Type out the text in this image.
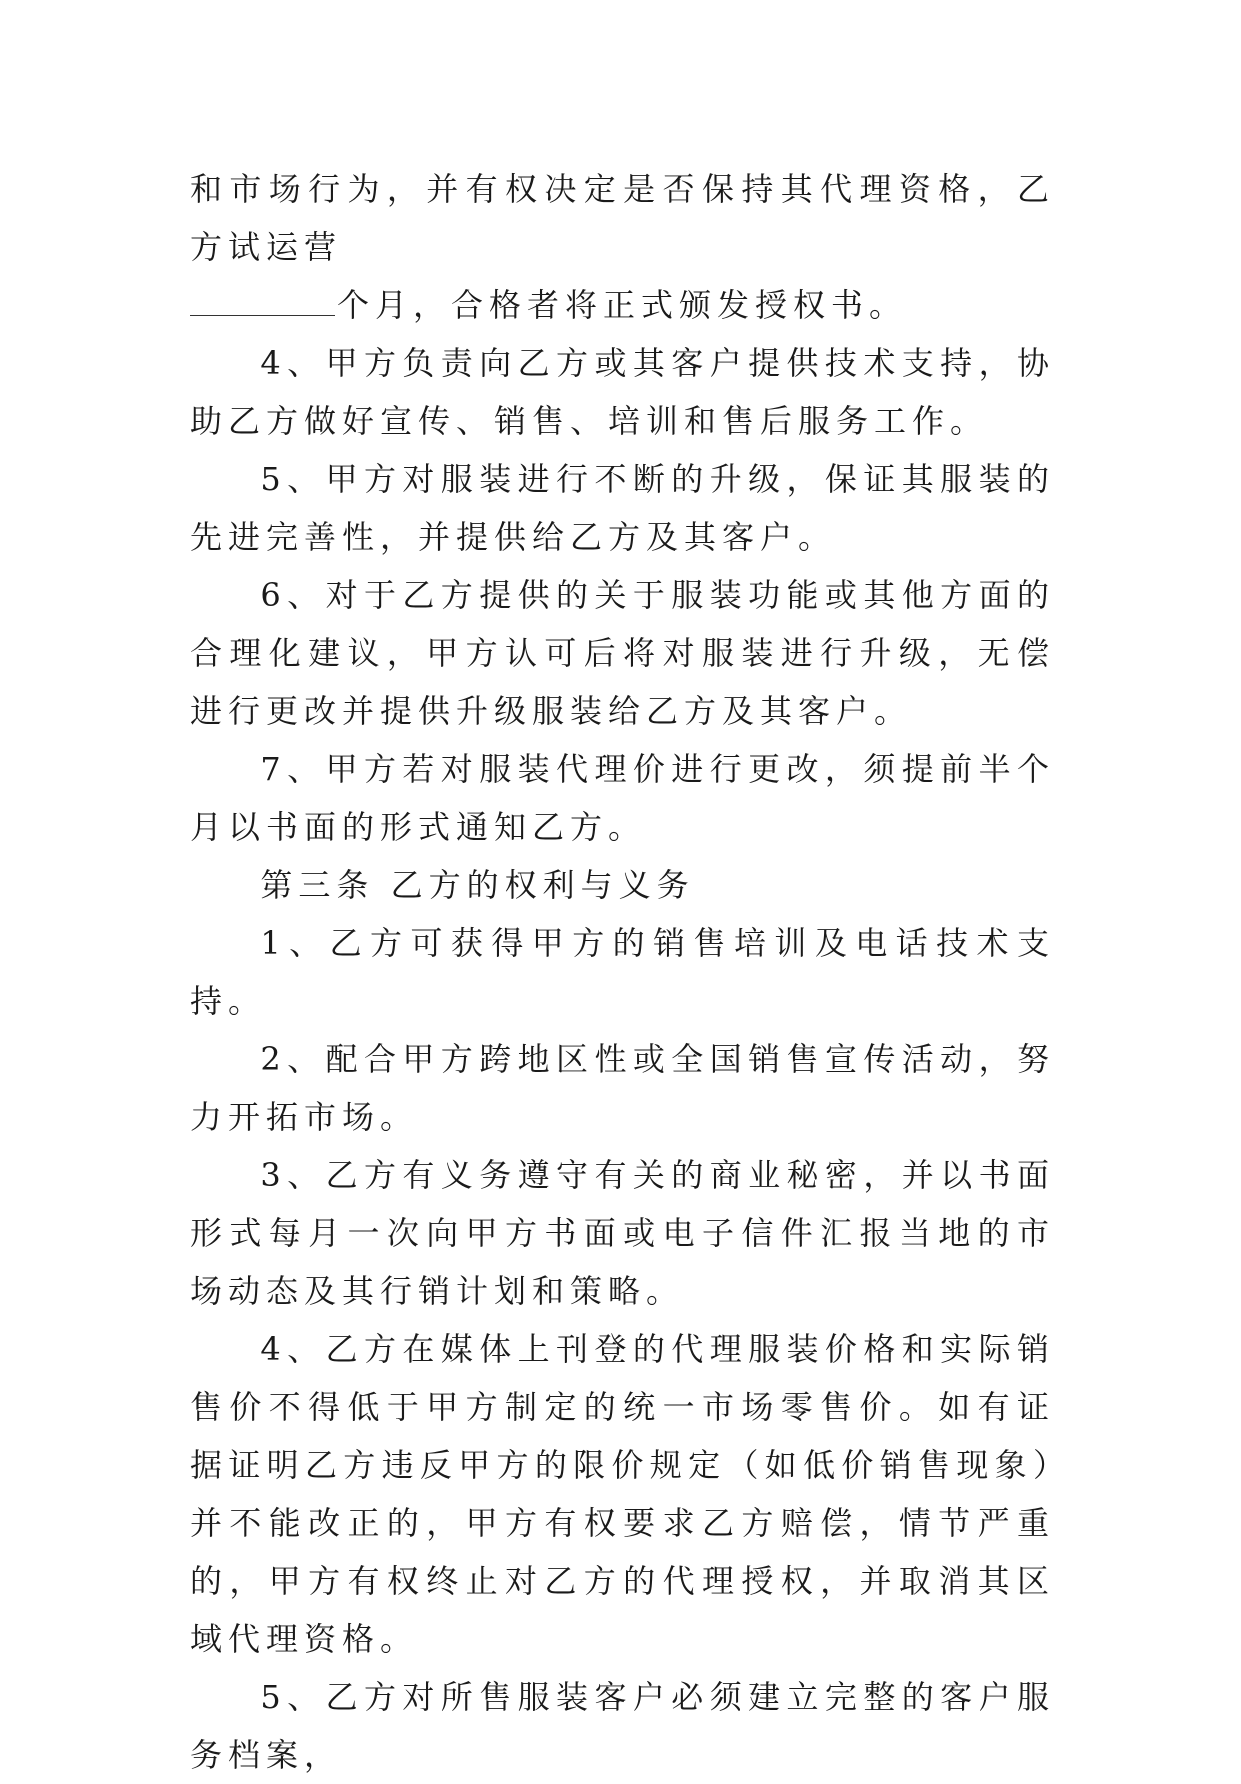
和市场行为，并有权决定是否保持其代理资格，乙方试运营
个月，合格者将正式颁发授权书。

4、甲方负责向乙方或其客户提供技术支持，协助乙方做好宣传、销售、培训和售后服务工作。

5、甲方对服装进行不断的升级，保证其服装的先进完善性，并提供给乙方及其客户。

6、对于乙方提供的关于服装功能或其他方面的合理化建议，甲方认可后将对服装进行升级，无偿进行更改并提供升级服装给乙方及其客户。

7、甲方若对服装代理价进行更改，须提前半个月以书面的形式通知乙方。

第三条 乙方的权利与义务

1、乙方可获得甲方的销售培训及电话技术支持。

2、配合甲方跨地区性或全国销售宣传活动，努力开拓市场。

3、乙方有义务遵守有关的商业秘密，并以书面形式每月一次向甲方书面或电子信件汇报当地的市场动态及其行销计划和策略。

4、乙方在媒体上刊登的代理服装价格和实际销售价不得低于甲方制定的统一市场零售价。如有证据证明乙方违反甲方的限价规定（如低价销售现象）并不能改正的，甲方有权要求乙方赔偿，情节严重的，甲方有权终止对乙方的代理授权，并取消其区域代理资格。

5、乙方对所售服装客户必须建立完整的客户服务档案，
